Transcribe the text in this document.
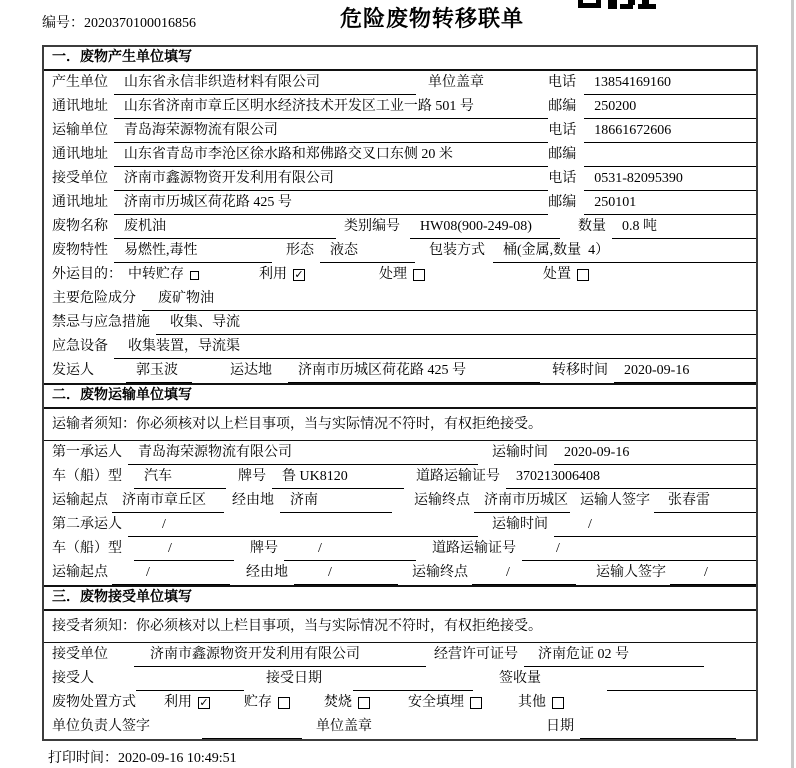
编号：2020370100016856	危险废物转移联单
一．废物产生单位填写
产生单位	山东省永信非织造材料有限公司	单位盖章	电话	13854169160
通讯地址	山东省济南市章丘区明水经济技术开发区工业一路 501 号	邮编	250200
运输单位	青岛海荣源物流有限公司	电话	18661672606
通讯地址	山东省青岛市李沧区徐水路和郑佛路交叉口东侧 20 米	邮编
接受单位	济南市鑫源物资开发利用有限公司	电话	0531-82095390
通讯地址	济南市历城区荷花路 425 号	邮编	250101
废物名称	废机油	类别编号	HW08(900-249-08)	数量	0.8 吨
废物特性	易燃性,毒性	形态	液态	包装方式	桶(金属,数量  4）
外运目的： 中转贮存	利用 ✓	处理	处置
主要危险成分	废矿物油
禁忌与应急措施	收集、导流
应急设备	收集装置，导流渠
发运人	郭玉波	运达地	济南市历城区荷花路 425 号	转移时间	2020-09-16
二．废物运输单位填写
运输者须知：你必须核对以上栏目事项，当与实际情况不符时，有权拒绝接受。
第一承运人	青岛海荣源物流有限公司	运输时间	2020-09-16
车（船）型	汽车	牌号	鲁 UK8120	道路运输证号	370213006408
运输起点	济南市章丘区	经由地	济南	运输终点	济南市历城区 运输人签字	张春雷
第二承运人	/	运输时间	/
车（船）型	/	牌号	/	道路运输证号	/
运输起点	/	经由地	/	运输终点	/	运输人签字	/
三．废物接受单位填写
接受者须知：你必须核对以上栏目事项，当与实际情况不符时，有权拒绝接受。
接受单位	济南市鑫源物资开发利用有限公司	经营许可证号	济南危证 02 号
接受人	接受日期	签收量
废物处置方式 利用 ✓	贮存	焚烧	安全填埋	其他
单位负责人签字	单位盖章	日期
打印时间：2020-09-16 10:49:51
